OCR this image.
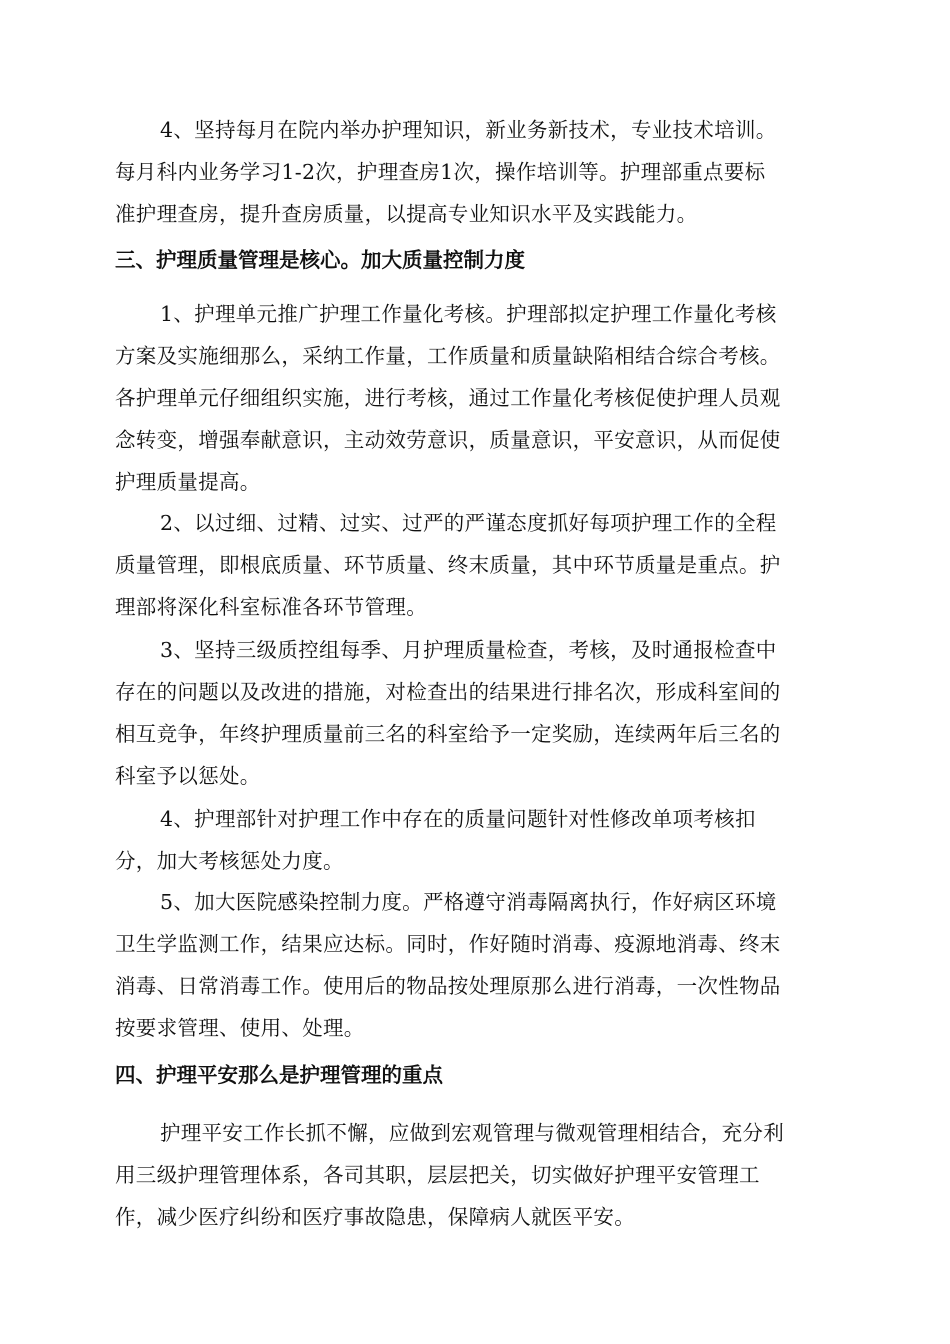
4、坚持每月在院内举办护理知识，新业务新技术，专业技术培训。
每月科内业务学习1-2次，护理查房1次，操作培训等。护理部重点要标
准护理查房，提升查房质量，以提高专业知识水平及实践能力。
三、护理质量管理是核心。加大质量控制力度
1、护理单元推广护理工作量化考核。护理部拟定护理工作量化考核
方案及实施细那么，采纳工作量，工作质量和质量缺陷相结合综合考核。
各护理单元仔细组织实施，进行考核，通过工作量化考核促使护理人员观
念转变，增强奉献意识，主动效劳意识，质量意识，平安意识，从而促使
护理质量提高。
2、以过细、过精、过实、过严的严谨态度抓好每项护理工作的全程
质量管理，即根底质量、环节质量、终末质量，其中环节质量是重点。护
理部将深化科室标准各环节管理。
3、坚持三级质控组每季、月护理质量检查，考核，及时通报检查中
存在的问题以及改进的措施，对检查出的结果进行排名次，形成科室间的
相互竞争，年终护理质量前三名的科室给予一定奖励，连续两年后三名的
科室予以惩处。
4、护理部针对护理工作中存在的质量问题针对性修改单项考核扣
分，加大考核惩处力度。
5、加大医院感染控制力度。严格遵守消毒隔离执行，作好病区环境
卫生学监测工作，结果应达标。同时，作好随时消毒、疫源地消毒、终末
消毒、日常消毒工作。使用后的物品按处理原那么进行消毒，一次性物品
按要求管理、使用、处理。
四、护理平安那么是护理管理的重点
护理平安工作长抓不懈，应做到宏观管理与微观管理相结合，充分利
用三级护理管理体系，各司其职，层层把关，切实做好护理平安管理工
作，减少医疗纠纷和医疗事故隐患，保障病人就医平安。
